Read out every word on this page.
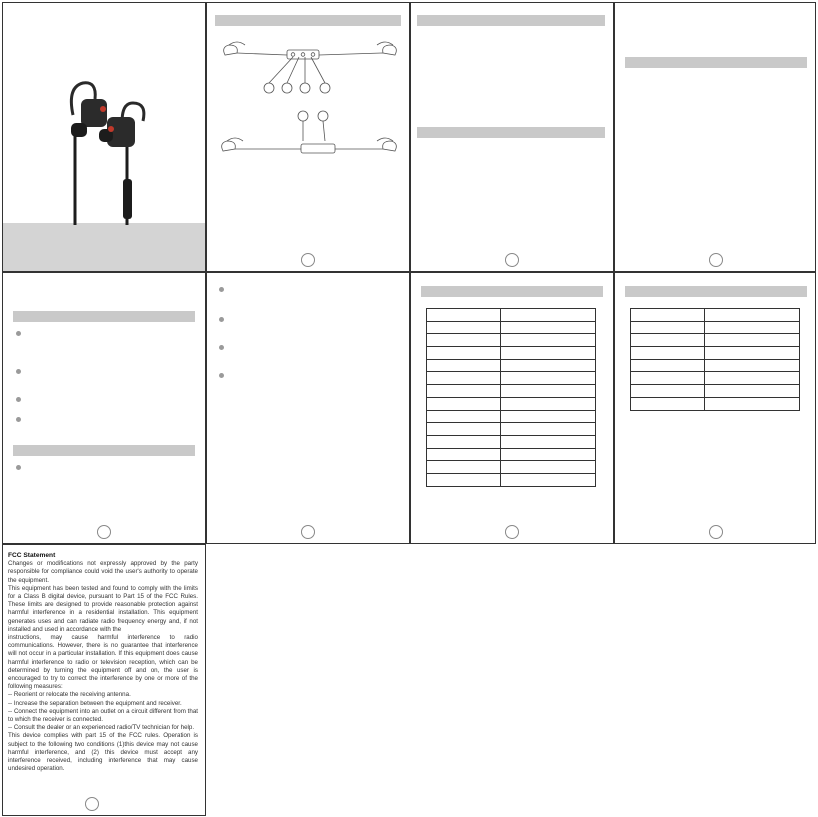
FCC Statement

Changes or modifications not expressly approved by the party responsible for compliance could void the user's authority to operate the equipment.

This equipment has been tested and found to comply with the limits for a Class B digital device, pursuant to Part 15 of the FCC Rules. These limits are designed to provide reasonable protection against harmful interference in a residential installation. This equipment generates uses and can radiate radio frequency energy and, if not installed and used in accordance with the

instructions, may cause harmful interference to radio communications. However, there is no guarantee that interference will not occur in a particular installation. If this equipment does cause harmful interference to radio or television reception, which can be determined by turning the equipment off and on, the user is encouraged to try to correct the interference by one or more of the following measures:

-- Reorient or relocate the receiving antenna.

-- Increase the separation between the equipment and receiver.

-- Connect the equipment into an outlet on a circuit different from that to which the receiver is connected.

-- Consult the dealer or an experienced radio/TV technician for help.

This device complies with part 15 of the FCC rules. Operation is subject to the following two conditions (1)this device may not cause harmful interference, and (2) this device must accept any interference received, including interference that may cause undesired operation.
